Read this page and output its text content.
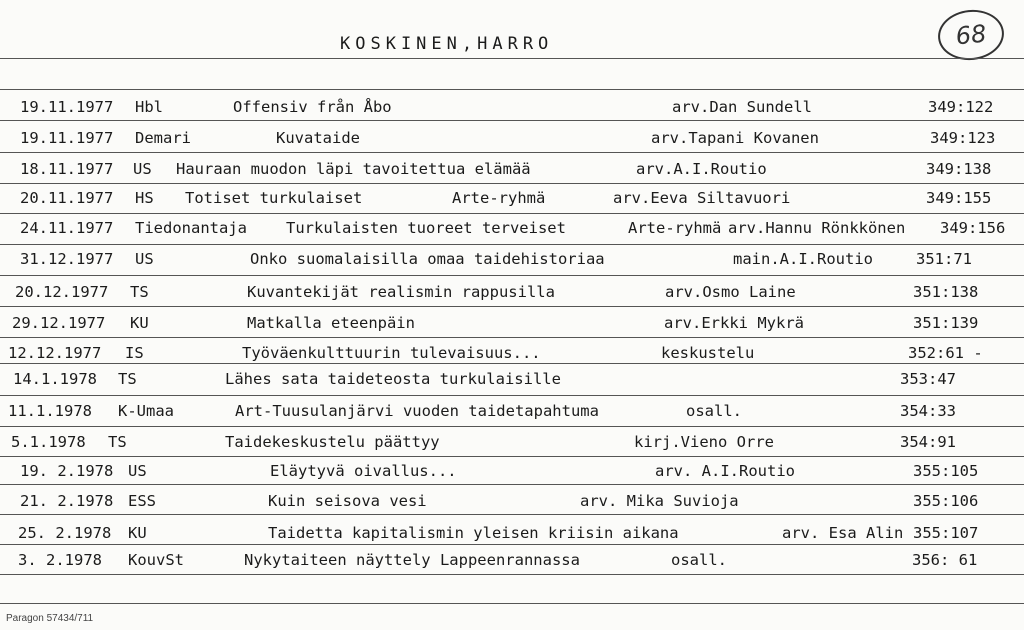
KOSKINEN,HARRO	68
19.11.1977 Hbl	Offensiv från Åbo	arv.Dan Sundell	349:122
19.11.1977 Demari	Kuvataide	arv.Tapani Kovanen	349:123
18.11.1977 US Hauraan muodon läpi tavoitettua elämää	arv.A.I.Routio	349:138
20.11.1977 HS Totiset turkulaiset	Arte-ryhmä	arv.Eeva Siltavuori	349:155
24.11.1977 Tiedonantaja	Turkulaisten tuoreet terveiset	Arte-ryhmä arv.Hannu Rönkkönen 349:156
31.12.1977 US	Onko suomalaisilla omaa taidehistoriaa	main.A.I.Routio	351:71
20.12.1977 TS	Kuvantekijät realismin rappusilla	arv.Osmo Laine	351:138
29.12.1977 KU	Matkalla eteenpäin	arv.Erkki Mykrä	351:139
12.12.1977 IS	Työväenkulttuurin tulevaisuus...	keskustelu	352:61 -
14.1.1978 TS	Lähes sata taideteosta turkulaisille	353:47
11.1.1978 K-Umaa	Art-Tuusulanjärvi vuoden taidetapahtuma	osall.	354:33
5.1.1978 TS	Taidekeskustelu päättyy	kirj.Vieno Orre	354:91
19. 2.1978 US	Eläytyvä oivallus...	arv. A.I.Routio	355:105
21. 2.1978 ESS	Kuin seisova vesi	arv. Mika Suvioja	355:106
25. 2.1978 KU	Taidetta kapitalismin yleisen kriisin aikana	arv. Esa Alin 355:107
3. 2.1978 KouvSt	Nykytaiteen näyttely Lappeenrannassa	osall.	356: 61
Paragon 57434/711
